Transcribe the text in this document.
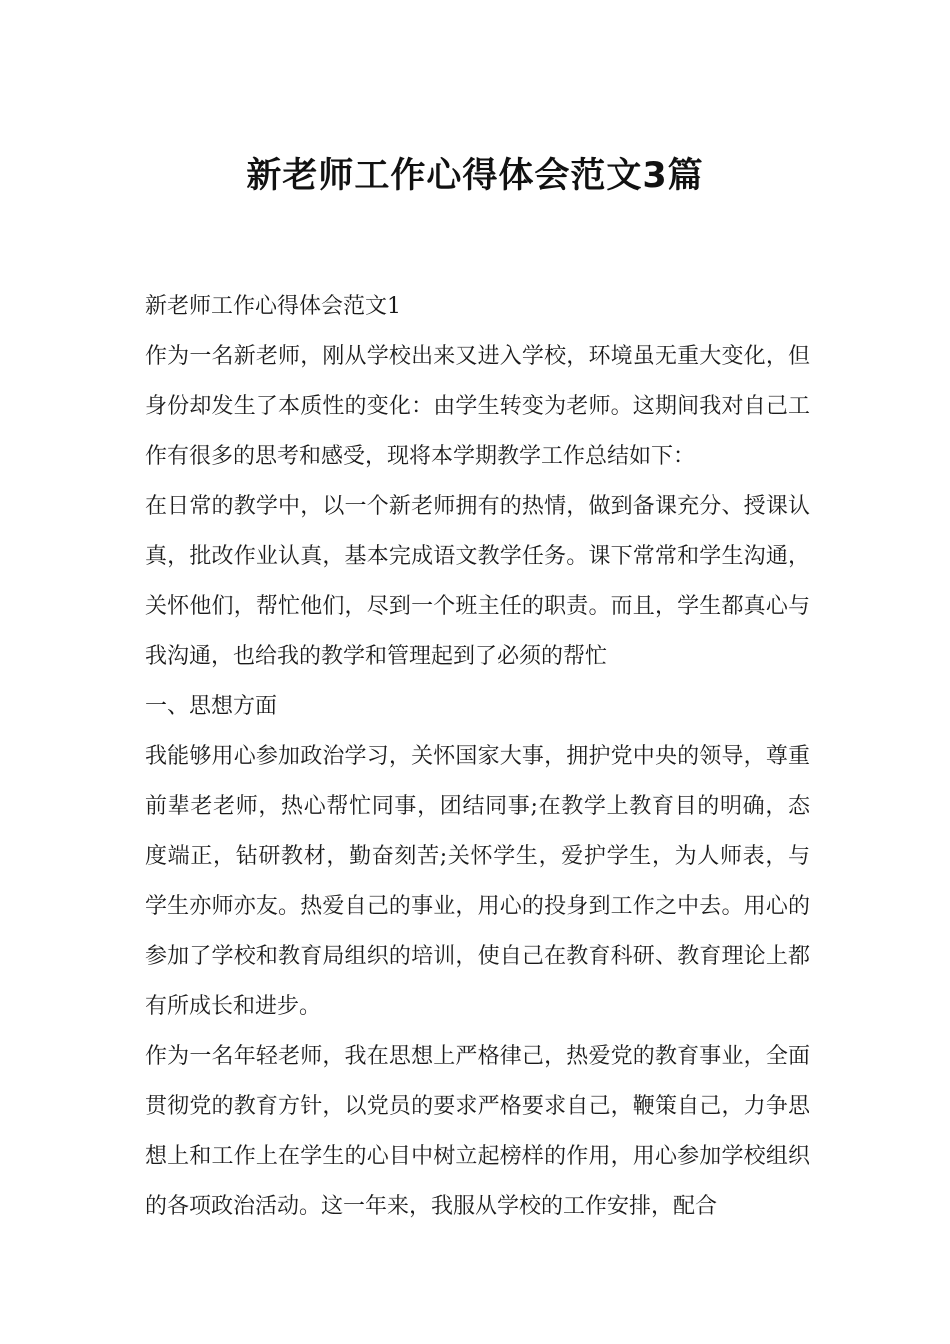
新老师工作心得体会范文3篇

新老师工作心得体会范文1

作为一名新老师，刚从学校出来又进入学校，环境虽无重大变化，但身份却发生了本质性的变化：由学生转变为老师。这期间我对自己工作有很多的思考和感受，现将本学期教学工作总结如下：

在日常的教学中，以一个新老师拥有的热情，做到备课充分、授课认真，批改作业认真，基本完成语文教学任务。课下常常和学生沟通，关怀他们，帮忙他们，尽到一个班主任的职责。而且，学生都真心与我沟通，也给我的教学和管理起到了必须的帮忙

一、思想方面

我能够用心参加政治学习，关怀国家大事，拥护党中央的领导，尊重前辈老老师，热心帮忙同事，团结同事;在教学上教育目的明确，态度端正，钻研教材，勤奋刻苦;关怀学生，爱护学生，为人师表，与学生亦师亦友。热爱自己的事业，用心的投身到工作之中去。用心的参加了学校和教育局组织的培训，使自己在教育科研、教育理论上都有所成长和进步。

作为一名年轻老师，我在思想上严格律己，热爱党的教育事业，全面贯彻党的教育方针，以党员的要求严格要求自己，鞭策自己，力争思想上和工作上在学生的心目中树立起榜样的作用，用心参加学校组织的各项政治活动。这一年来，我服从学校的工作安排，配合
